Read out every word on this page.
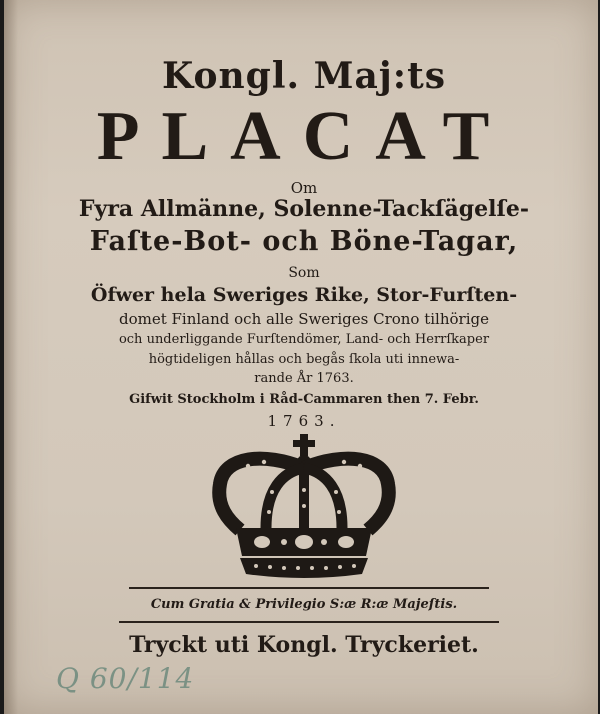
Kongl. Maj:ts
PLACAT
Om
Fyra Allmänne, Solenne-Tackſägelſe-
Faſte-Bot- och Böne-Tagar,
Som
Öfwer hela Sweriges Rike, Stor-Furſten-
domet Finland och alle Sweriges Crono tilhörige
och underliggande Furſtendömer, Land- och Herrſkaper
högtideligen hållas och begås ſkola uti innewa-
rande År 1763.
Gifwit Stockholm i Råd-Cammaren then 7. Febr.
1763.
Cum Gratia & Privilegio S:æ R:æ Majeſtis.
Tryckt uti Kongl. Tryckeriet.
Q 60/114
